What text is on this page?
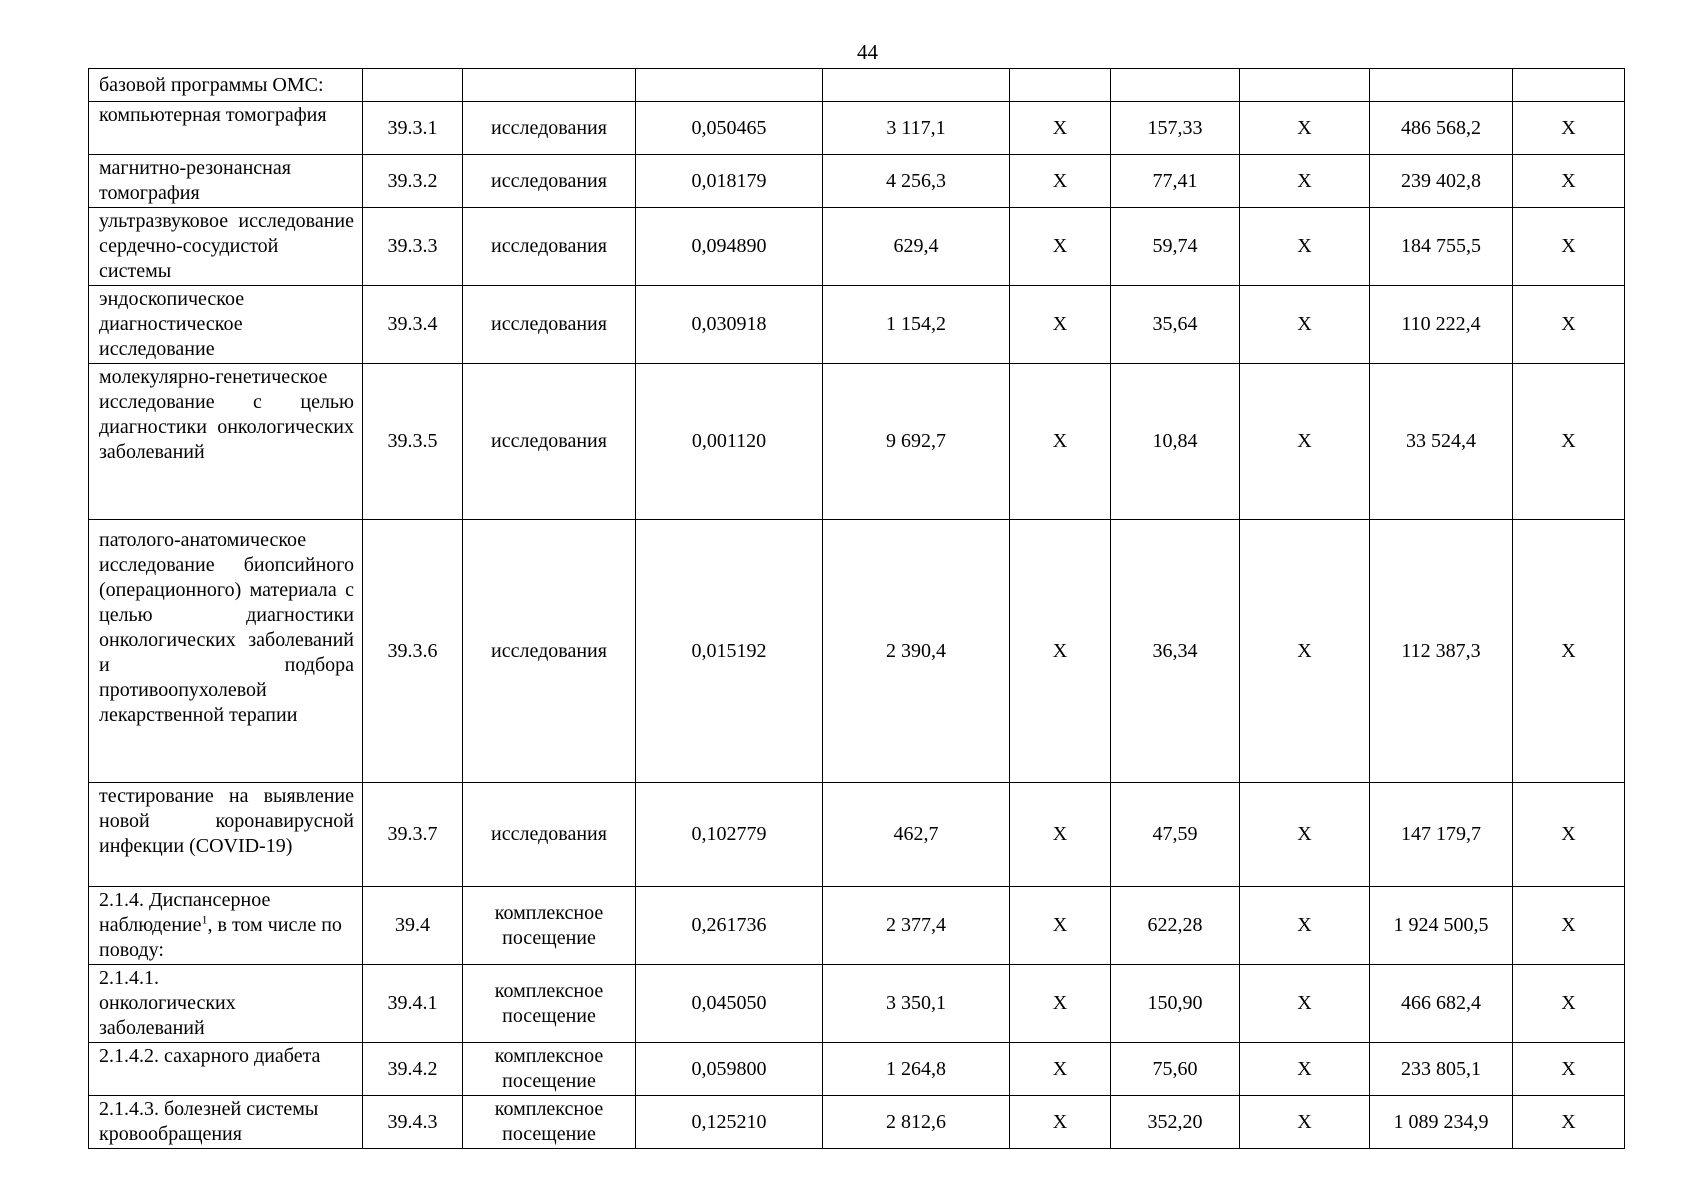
44
базовой программы ОМС:									
компьютерная томография	39.3.1	исследования	0,050465	3 117,1	X	157,33	X	486 568,2	X
магнитно-резонансная томография	39.3.2	исследования	0,018179	4 256,3	X	77,41	X	239 402,8	X
ультразвуковое исследование сердечно-сосудистой системы	39.3.3	исследования	0,094890	629,4	X	59,74	X	184 755,5	X
эндоскопическое диагностическое исследование	39.3.4	исследования	0,030918	1 154,2	X	35,64	X	110 222,4	X
молекулярно-генетическое исследование с целью диагностики онкологических заболеваний	39.3.5	исследования	0,001120	9 692,7	X	10,84	X	33 524,4	X
патолого-анатомическое исследование биопсийного (операционного) материала с целью диагностики онкологических заболеваний и подбора противоопухолевой лекарственной терапии	39.3.6	исследования	0,015192	2 390,4	X	36,34	X	112 387,3	X
тестирование на выявление новой коронавирусной инфекции (COVID-19)	39.3.7	исследования	0,102779	462,7	X	47,59	X	147 179,7	X
2.1.4. Диспансерное наблюдение$^1$, в том числе по поводу:	39.4	комплексное посещение	0,261736	2 377,4	X	622,28	X	1 924 500,5	X
2.1.4.1. онкологических заболеваний	39.4.1	комплексное посещение	0,045050	3 350,1	X	150,90	X	466 682,4	X
2.1.4.2. сахарного диабета	39.4.2	комплексное посещение	0,059800	1 264,8	X	75,60	X	233 805,1	X
2.1.4.3. болезней системы кровообращения	39.4.3	комплексное посещение	0,125210	2 812,6	X	352,20	X	1 089 234,9	X
